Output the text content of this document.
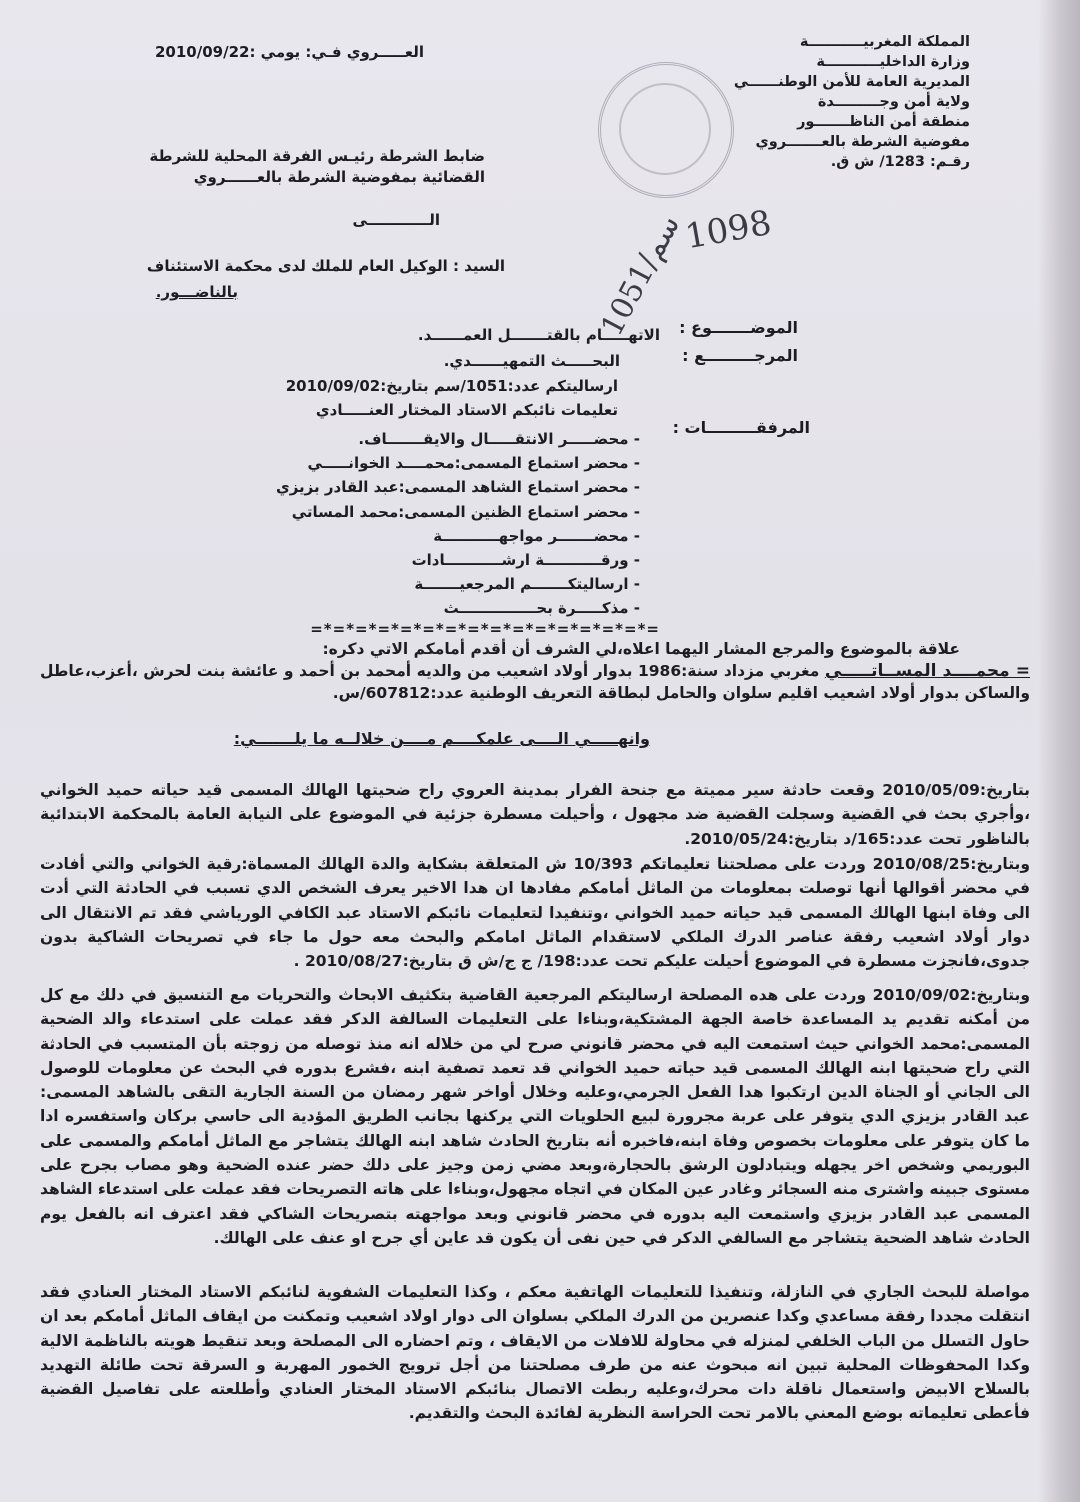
العـــــروي فـي: يومي :2010/09/22
المملكة المغربيـــــــــــة
وزارة الداخليـــــــــــة
المديرية العامة للأمن الوطنــــــي
ولاية أمن وجـــــــــدة
منطقة أمن الناظـــــــور
مفوضية الشرطة بالعـــــــروي
رقـم: 1283/ ش ق.
ضابط الشرطة رئيـس الفرقة المحلية للشرطة
القضائية بمفوضية الشرطة بالعــــــروي
الــــــــــــى
السيد : الوكيل العام للملك لدى محكمة الاستئناف
بالناضـــور.
1098
1051/سم
الموضـــــــوع :
الاتهـــــام بالقتـــــــل العمــــــد.
المرجـــــــــع :
البحـــــث التمهيــــــدي.
ارساليتكم عدد:1051/سم بتاريخ:2010/09/02
تعليمات نائبكم الاستاد المختار العنـــــادي
المرفقـــــــــات :
- محضـــــر الانتقـــــال والايقـــــــاف.
- محضر استماع المسمى:محمــــد الخوانـــــي
- محضر استماع الشاهد المسمى:عبد القادر بزيزي
- محضر استماع الظنين المسمى:محمد المساتي
- محضـــــــر مواجهـــــــــــة
- ورقـــــــــــة ارشـــــــــــادات
- ارساليتكـــــــم المرجعيـــــــة
- مذكـــــرة بحـــــــــــــــث
=*=*=*=*=*=*=*=*=*=*=*=*=*=*=*=
علاقة بالموضوع والمرجع المشار اليهما اعلاه،لي الشرف أن أقدم أمامكم الاتي دكره:

= محمــــد المســاتـــــي مغربي مزداد سنة:1986 بدوار أولاد اشعيب من والديه أمحمد بن أحمد و عائشة بنت لحرش ،أعزب،عاطل والساكن بدوار أولاد اشعيب اقليم سلوان والحامل لبطاقة التعريف الوطنية عدد:607812/س.

وانهـــــي الــــى علمكــــم مــــن خلالــه ما يلـــــــي:

بتاريخ:2010/05/09 وقعت حادثة سير مميتة مع جنحة الفرار بمدينة العروي راح ضحيتها الهالك المسمى قيد حياته حميد الخواني ،وأجري بحث في القضية وسجلت القضية ضد مجهول ، وأحيلت مسطرة جزئية في الموضوع على النيابة العامة بالمحكمة الابتدائية بالناظور تحت عدد:165/د بتاريخ:2010/05/24.

وبتاريخ:2010/08/25 وردت على مصلحتنا تعليماتكم 10/393 ش المتعلقة بشكاية والدة الهالك المسماة:رقية الخواني والتي أفادت في محضر أقوالها أنها توصلت بمعلومات من الماثل أمامكم مفادها ان هدا الاخير يعرف الشخص الدي تسبب في الحادثة التي أدت الى وفاة ابنها الهالك المسمى قيد حياته حميد الخواني ،وتنفيدا لتعليمات نائبكم الاستاد عبد الكافي الورياشي فقد تم الانتقال الى دوار أولاد اشعيب رفقة عناصر الدرك الملكي لاستقدام الماثل امامكم والبحث معه حول ما جاء في تصريحات الشاكية بدون جدوى،فانجزت مسطرة في الموضوع أحيلت عليكم تحت عدد:198/ ج ج/ش ق بتاريخ:2010/08/27 .

وبتاريخ:2010/09/02 وردت على هده المصلحة ارساليتكم المرجعية القاضية بتكثيف الابحاث والتحريات مع التنسيق في دلك مع كل من أمكنه تقديم يد المساعدة خاصة الجهة المشتكية،وبناءا على التعليمات السالفة الدكر فقد عملت على استدعاء والد الضحية المسمى:محمد الخواني حيث استمعت اليه في محضر قانوني صرح لي من خلاله انه منذ توصله من زوجته بأن المتسبب في الحادثة التي راح ضحيتها ابنه الهالك المسمى قيد حياته حميد الخواني قد تعمد تصفية ابنه ،فشرع بدوره في البحث عن معلومات للوصول الى الجاني أو الجناة الدين ارتكبوا هدا الفعل الجرمي،وعليه وخلال أواخر شهر رمضان من السنة الجارية التقى بالشاهد المسمى: عبد القادر بزيزي الدي يتوفر على عربة مجرورة لبيع الحلويات التي يركنها بجانب الطريق المؤدية الى حاسي بركان واستفسره ادا ما كان يتوفر على معلومات بخصوص وفاة ابنه،فاخبره أنه بتاريخ الحادث شاهد ابنه الهالك يتشاجر مع الماثل أمامكم والمسمى على البوريمي وشخص اخر يجهله ويتبادلون الرشق بالحجارة،وبعد مضي زمن وجيز على دلك حضر عنده الضحية وهو مصاب بجرح على مستوى جبينه واشترى منه السجائر وغادر عين المكان في اتجاه مجهول،وبناءا على هاته التصريحات فقد عملت على استدعاء الشاهد المسمى عبد القادر بزيزي واستمعت اليه بدوره في محضر قانوني وبعد مواجهته بتصريحات الشاكي فقد اعترف انه بالفعل يوم الحادث شاهد الضحية يتشاجر مع السالفي الدكر في حين نفى أن يكون قد عاين أي جرح او عنف على الهالك.

مواصلة للبحث الجاري في النازلة، وتنفيذا للتعليمات الهاتفية معكم ، وكذا التعليمات الشفوية لنائبكم الاستاد المختار العنادي فقد انتقلت مجددا رفقة مساعدي وكدا عنصرين من الدرك الملكي بسلوان الى دوار اولاد اشعيب وتمكنت من ايقاف الماثل أمامكم بعد ان حاول التسلل من الباب الخلفي لمنزله في محاولة للافلات من الايقاف ، وتم احضاره الى المصلحة وبعد تنقيط هويته بالناظمة الالية وكدا المحفوظات المحلية تبين انه مبحوث عنه من طرف مصلحتنا من أجل ترويج الخمور المهربة و السرقة تحت طائلة التهديد بالسلاح الابيض واستعمال ناقلة دات محرك،وعليه ربطت الاتصال بنائبكم الاستاد المختار العنادي وأطلعته على تفاصيل القضية فأعطى تعليماته بوضع المعني بالامر تحت الحراسة النظرية لفائدة البحث والتقديم.
